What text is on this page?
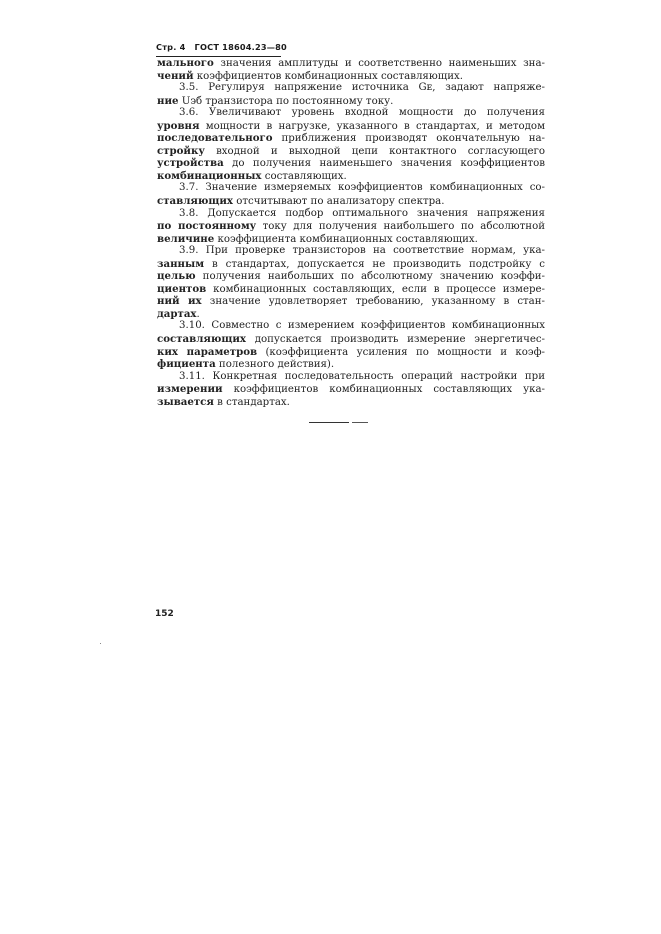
Стр. 4 ГОСТ 18604.23—80
мального значения амплитуды и соответственно наименьших зна-
чений коэффициентов комбинационных составляющих.
3.5. Регулируя напряжение источника Gᴇ, задают напряже-
ние Uэб транзистора по постоянному току.
3.6. Увеличивают уровень входной мощности до получения
уровня мощности в нагрузке, указанного в стандартах, и методом
последовательного приближения производят окончательную на-
стройку входной и выходной цепи контактного согласующего
устройства до получения наименьшего значения коэффициентов
комбинационных составляющих.
3.7. Значение измеряемых коэффициентов комбинационных со-
ставляющих отсчитывают по анализатору спектра.
3.8. Допускается подбор оптимального значения напряжения
по постоянному току для получения наибольшего по абсолютной
величине коэффициента комбинационных составляющих.
3.9. При проверке транзисторов на соответствие нормам, ука-
занным в стандартах, допускается не производить подстройку с
целью получения наибольших по абсолютному значению коэффи-
циентов комбинационных составляющих, если в процессе измере-
ний их значение удовлетворяет требованию, указанному в стан-
дартах.
3.10. Совместно с измерением коэффициентов комбинационных
составляющих допускается производить измерение энергетичес-
ких параметров (коэффициента усиления по мощности и коэф-
фициента полезного действия).
3.11. Конкретная последовательность операций настройки при
измерении коэффициентов комбинационных составляющих ука-
зывается в стандартах.
152
